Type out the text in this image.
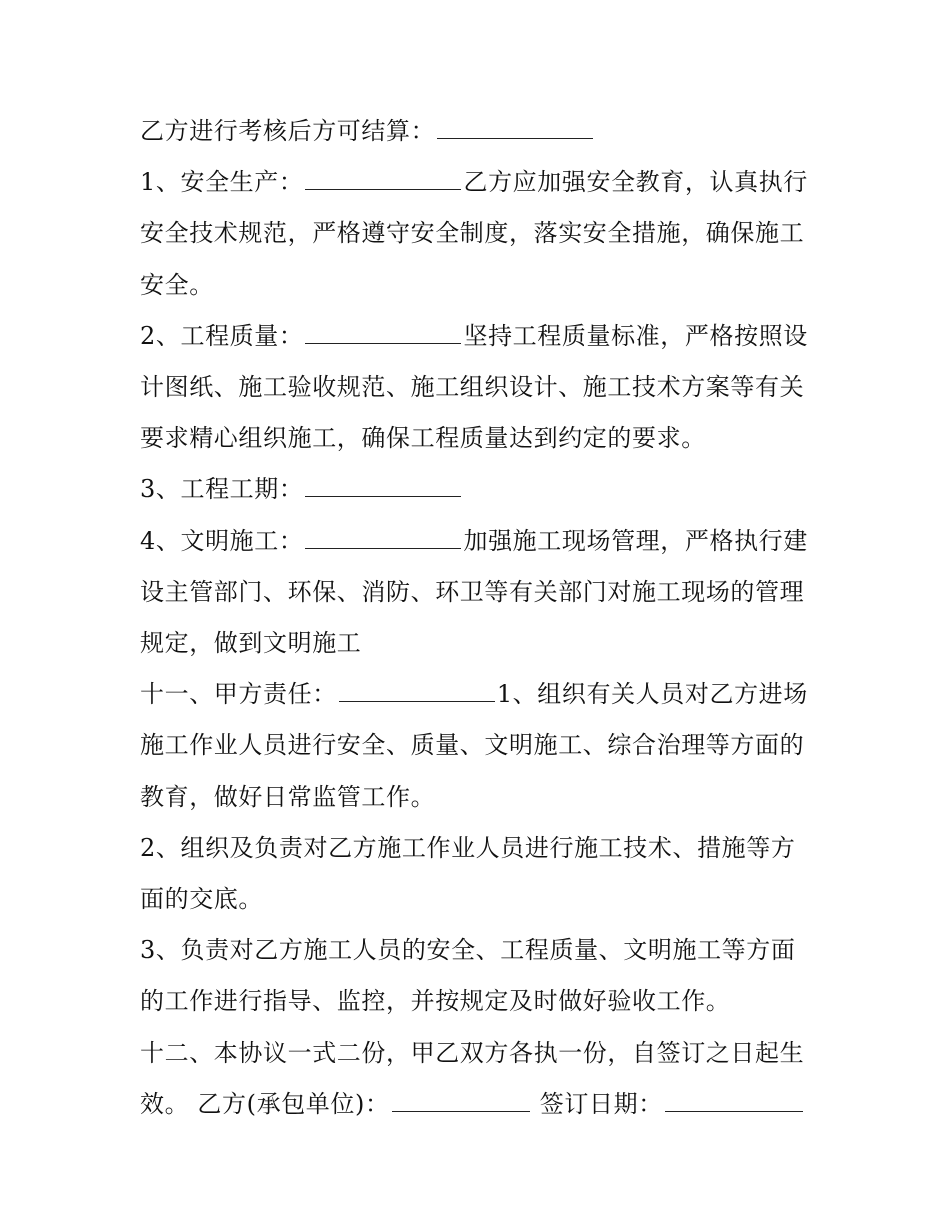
乙方进行考核后方可结算：

1、安全生产：	乙方应加强安全教育，认真执行安全技术规范，严格遵守安全制度，落实安全措施，确保施工安全。

2、工程质量：	坚持工程质量标准，严格按照设计图纸、施工验收规范、施工组织设计、施工技术方案等有关要求精心组织施工，确保工程质量达到约定的要求。

3、工程工期：

4、文明施工：	加强施工现场管理，严格执行建设主管部门、环保、消防、环卫等有关部门对施工现场的管理规定，做到文明施工

十一、甲方责任：	1、组织有关人员对乙方进场施工作业人员进行安全、质量、文明施工、综合治理等方面的教育，做好日常监管工作。

2、组织及负责对乙方施工作业人员进行施工技术、措施等方面的交底。

3、负责对乙方施工人员的安全、工程质量、文明施工等方面的工作进行指导、监控，并按规定及时做好验收工作。

十二、本协议一式二份，甲乙双方各执一份，自签订之日起生效。 乙方(承包单位)：	签订日期：
